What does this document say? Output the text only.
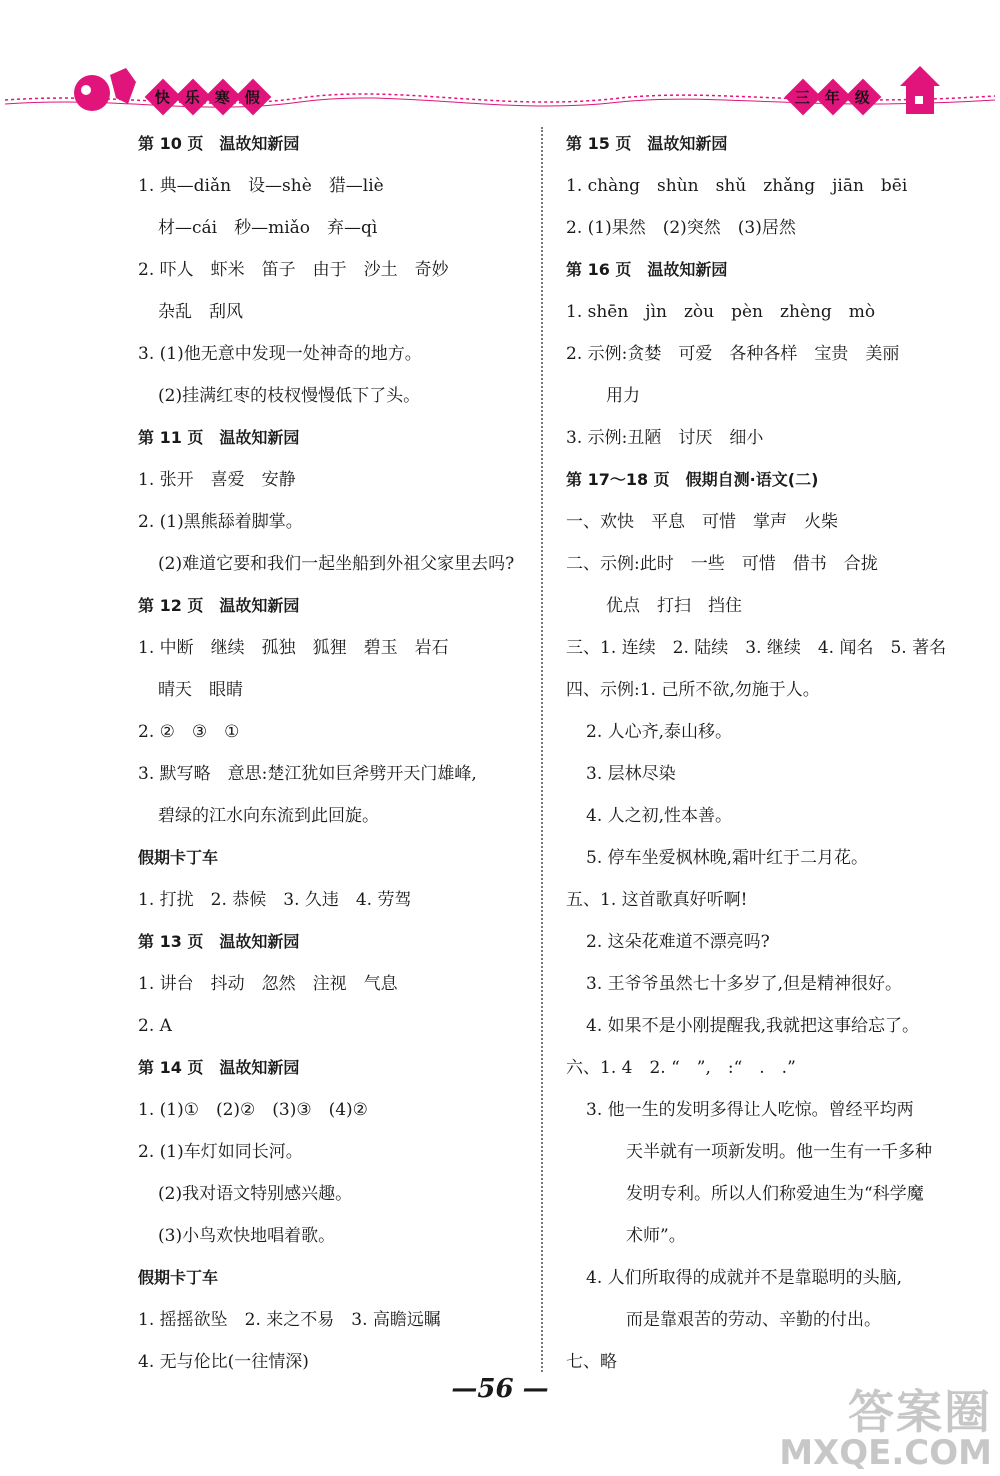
快 乐 寒 假	三 年 级
第 10 页　温故知新园
1. 典—diǎn　设—shè　猎—liè
材—cái　秒—miǎo　弃—qì
2. 吓人　虾米　笛子　由于　沙土　奇妙
杂乱　刮风
3. (1)他无意中发现一处神奇的地方。
(2)挂满红枣的枝杈慢慢低下了头。
第 11 页　温故知新园
1. 张开　喜爱　安静
2. (1)黑熊舔着脚掌。
(2)难道它要和我们一起坐船到外祖父家里去吗?
第 12 页　温故知新园
1. 中断　继续　孤独　狐狸　碧玉　岩石
晴天　眼睛
2. ②　③　①
3. 默写略　意思:楚江犹如巨斧劈开天门雄峰,
碧绿的江水向东流到此回旋。
假期卡丁车
1. 打扰　2. 恭候　3. 久违　4. 劳驾
第 13 页　温故知新园
1. 讲台　抖动　忽然　注视　气息
2. A
第 14 页　温故知新园
1. (1)①　(2)②　(3)③　(4)②
2. (1)车灯如同长河。
(2)我对语文特别感兴趣。
(3)小鸟欢快地唱着歌。
假期卡丁车
1. 摇摇欲坠　2. 来之不易　3. 高瞻远瞩
4. 无与伦比(一往情深)
第 15 页　温故知新园
1. chàng　shùn　shǔ　zhǎng　jiān　bēi
2. (1)果然　(2)突然　(3)居然
第 16 页　温故知新园
1. shēn　jìn　zòu　pèn　zhèng　mò
2. 示例:贪婪　可爱　各种各样　宝贵　美丽
用力
3. 示例:丑陋　讨厌　细小
第 17～18 页　假期自测·语文(二)
一、欢快　平息　可惜　掌声　火柴
二、示例:此时　一些　可惜　借书　合拢
优点　打扫　挡住
三、1. 连续　2. 陆续　3. 继续　4. 闻名　5. 著名
四、示例:1. 己所不欲,勿施于人。
2. 人心齐,泰山移。
3. 层林尽染
4. 人之初,性本善。
5. 停车坐爱枫林晚,霜叶红于二月花。
五、1. 这首歌真好听啊!
2. 这朵花难道不漂亮吗?
3. 王爷爷虽然七十多岁了,但是精神很好。
4. 如果不是小刚提醒我,我就把这事给忘了。
六、1. 4　2. “　”,　:“　.　.”
3. 他一生的发明多得让人吃惊。曾经平均两
天半就有一项新发明。他一生有一千多种
发明专利。所以人们称爱迪生为“科学魔
术师”。
4. 人们所取得的成就并不是靠聪明的头脑,
而是靠艰苦的劳动、辛勤的付出。
七、略
—56 —	答案圈
MXQE.COM
